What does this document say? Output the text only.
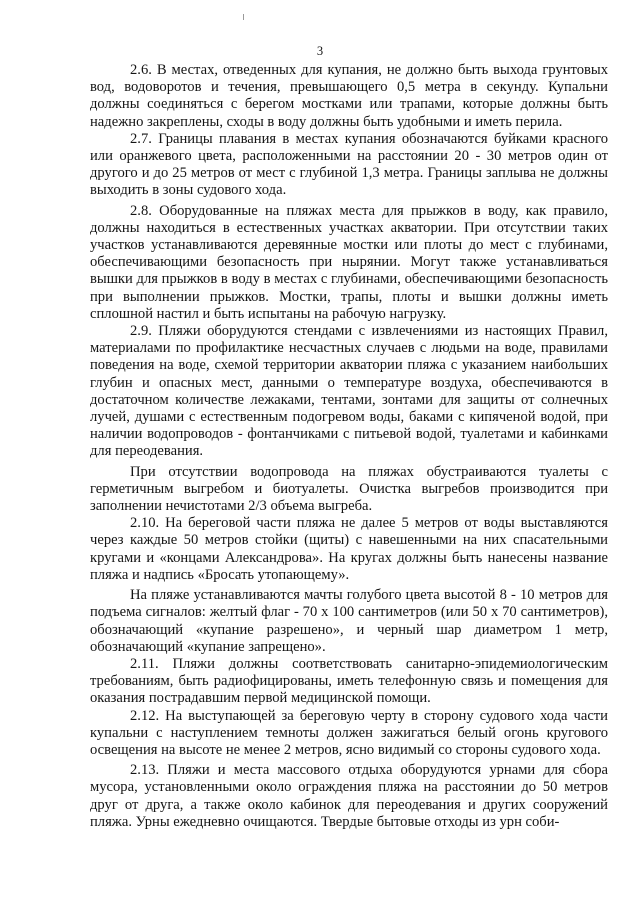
3

2.6. В местах, отведенных для купания, не должно быть выхода грунтовых вод, водоворотов и течения, превышающего 0,5 метра в секунду. Купальни должны соединяться с берегом мостками или трапами, которые должны быть надежно закреплены, сходы в воду должны быть удобными и иметь перила.

2.7. Границы плавания в местах купания обозначаются буйками красного или оранжевого цвета, расположенными на расстоянии 20 - 30 метров один от другого и до 25 метров от мест с глубиной 1,3 метра. Границы заплыва не должны выходить в зоны судового хода.

2.8. Оборудованные на пляжах места для прыжков в воду, как правило, должны находиться в естественных участках акватории. При отсутствии таких участков устанавливаются деревянные мостки или плоты до мест с глубинами, обеспечивающими безопасность при нырянии. Могут также устанавливаться вышки для прыжков в воду в местах с глубинами, обеспечивающими безопасность при выполнении прыжков. Мостки, трапы, плоты и вышки должны иметь сплошной настил и быть испытаны на рабочую нагрузку.

2.9. Пляжи оборудуются стендами с извлечениями из настоящих Правил, материалами по профилактике несчастных случаев с людьми на воде, правилами поведения на воде, схемой территории акватории пляжа с указанием наибольших глубин и опасных мест, данными о температуре воздуха, обеспечиваются в достаточном количестве лежаками, тентами, зонтами для защиты от солнечных лучей, душами с естественным подогревом воды, баками с кипяченой водой, при наличии водопроводов - фонтанчиками с питьевой водой, туалетами и кабинками для переодевания.

При отсутствии водопровода на пляжах обустраиваются туалеты с герметичным выгребом и биотуалеты. Очистка выгребов производится при заполнении нечистотами 2/3 объема выгреба.

2.10. На береговой части пляжа не далее 5 метров от воды выставляются через каждые 50 метров стойки (щиты) с навешенными на них спасательными кругами и «концами Александрова». На кругах должны быть нанесены название пляжа и надпись «Бросать утопающему».

На пляже устанавливаются мачты голубого цвета высотой 8 - 10 метров для подъема сигналов: желтый флаг - 70 х 100 сантиметров (или 50 х 70 сантиметров), обозначающий «купание разрешено», и черный шар диаметром 1 метр, обозначающий «купание запрещено».

2.11. Пляжи должны соответствовать санитарно-эпидемиологическим требованиям, быть радиофицированы, иметь телефонную связь и помещения для оказания пострадавшим первой медицинской помощи.

2.12. На выступающей за береговую черту в сторону судового хода части купальни с наступлением темноты должен зажигаться белый огонь кругового освещения на высоте не менее 2 метров, ясно видимый со стороны судового хода.

2.13. Пляжи и места массового отдыха оборудуются урнами для сбора мусора, установленными около ограждения пляжа на расстоянии до 50 метров друг от друга, а также около кабинок для переодевания и других сооружений пляжа. Урны ежедневно очищаются. Твердые бытовые отходы из урн соби-
